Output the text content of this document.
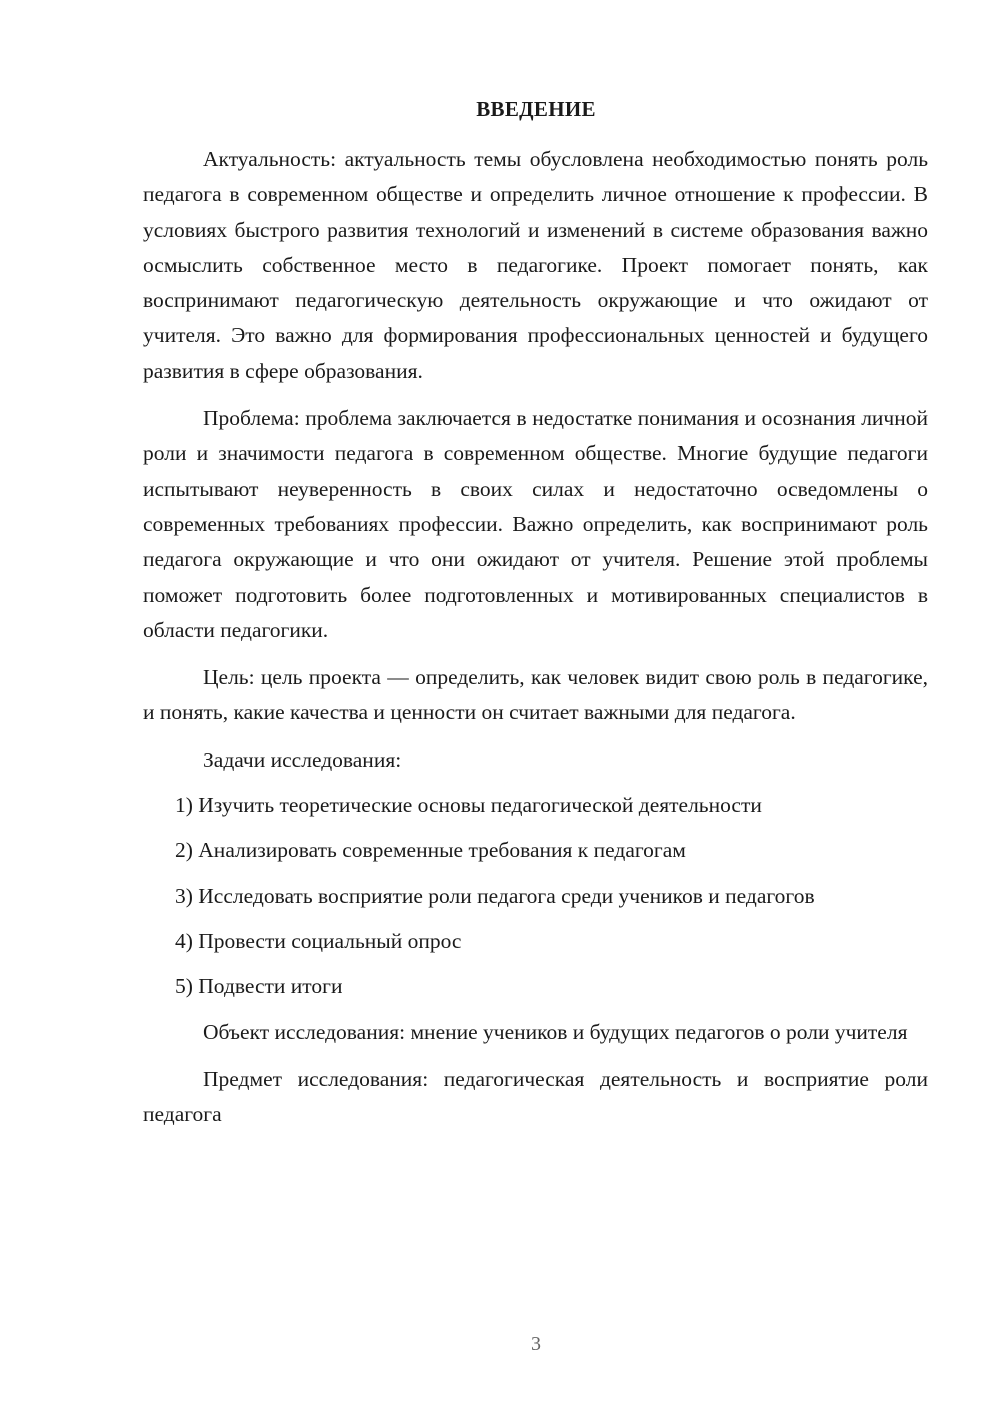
ВВЕДЕНИЕ

Актуальность: актуальность темы обусловлена необходимостью понять роль педагога в современном обществе и определить личное отношение к профессии. В условиях быстрого развития технологий и изменений в системе образования важно осмыслить собственное место в педагогике. Проект помогает понять, как воспринимают педагогическую деятельность окружающие и что ожидают от учителя. Это важно для формирования профессиональных ценностей и будущего развития в сфере образования.

Проблема: проблема заключается в недостатке понимания и осознания личной роли и значимости педагога в современном обществе. Многие будущие педагоги испытывают неуверенность в своих силах и недостаточно осведомлены о современных требованиях профессии. Важно определить, как воспринимают роль педагога окружающие и что они ожидают от учителя. Решение этой проблемы поможет подготовить более подготовленных и мотивированных специалистов в области педагогики.

Цель: цель проекта — определить, как человек видит свою роль в педагогике, и понять, какие качества и ценности он считает важными для педагога.

Задачи исследования:

1) Изучить теоретические основы педагогической деятельности
2) Анализировать современные требования к педагогам
3) Исследовать восприятие роли педагога среди учеников и педагогов
4) Провести социальный опрос
5) Подвести итоги

Объект исследования: мнение учеников и будущих педагогов о роли учителя

Предмет исследования: педагогическая деятельность и восприятие роли педагога

3
